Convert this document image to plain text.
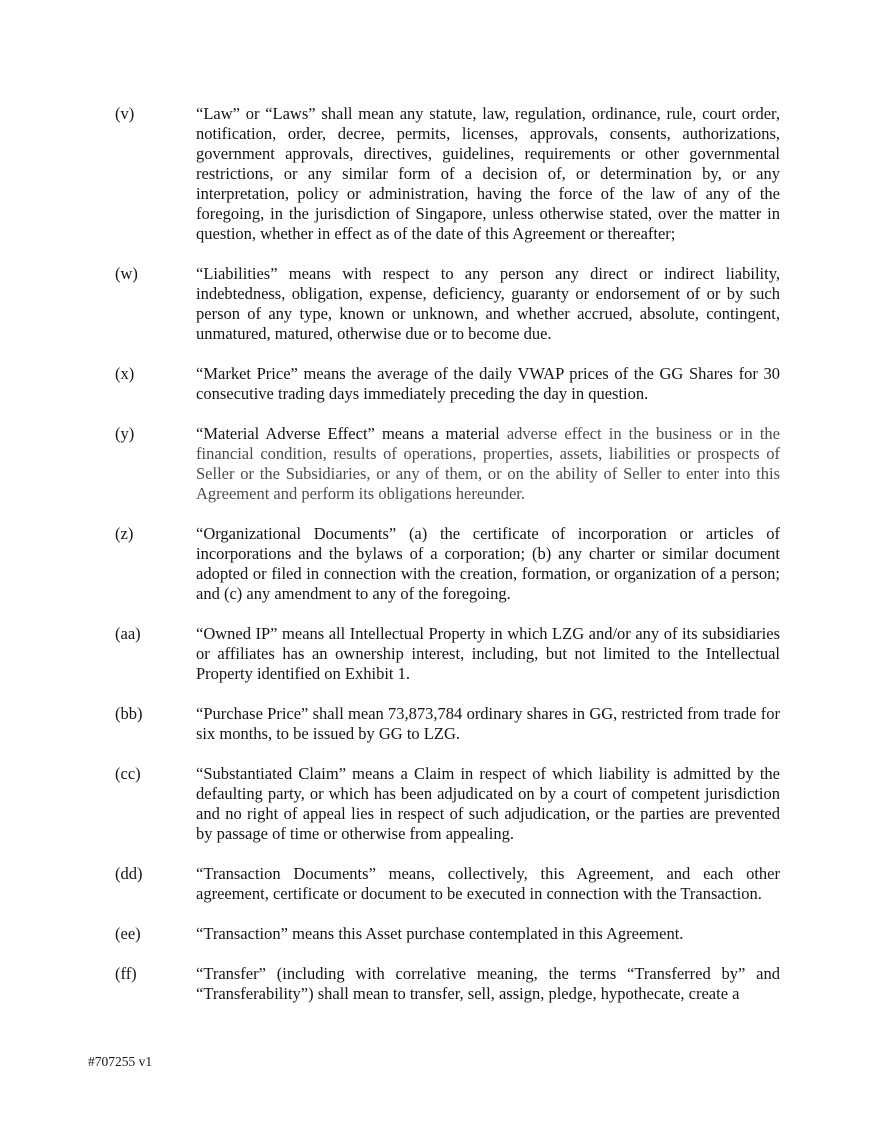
(v)	“Law” or “Laws” shall mean any statute, law, regulation, ordinance, rule, court order, notification, order, decree, permits, licenses, approvals, consents, authorizations, government approvals, directives, guidelines, requirements or other governmental restrictions, or any similar form of a decision of, or determination by, or any interpretation, policy or administration, having the force of the law of any of the foregoing, in the jurisdiction of Singapore, unless otherwise stated, over the matter in question, whether in effect as of the date of this Agreement or thereafter;

(w)	“Liabilities” means with respect to any person any direct or indirect liability, indebtedness, obligation, expense, deficiency, guaranty or endorsement of or by such person of any type, known or unknown, and whether accrued, absolute, contingent, unmatured, matured, otherwise due or to become due.

(x)	“Market Price” means the average of the daily VWAP prices of the GG Shares for 30 consecutive trading days immediately preceding the day in question.

(y)	“Material Adverse Effect” means a material adverse effect in the business or in the financial condition, results of operations, properties, assets, liabilities or prospects of Seller or the Subsidiaries, or any of them, or on the ability of Seller to enter into this Agreement and perform its obligations hereunder.

(z)	“Organizational Documents” (a) the certificate of incorporation or articles of incorporations and the bylaws of a corporation; (b) any charter or similar document adopted or filed in connection with the creation, formation, or organization of a person; and (c) any amendment to any of the foregoing.

(aa)	“Owned IP” means all Intellectual Property in which LZG and/or any of its subsidiaries or affiliates has an ownership interest, including, but not limited to the Intellectual Property identified on Exhibit 1.

(bb)	“Purchase Price” shall mean 73,873,784 ordinary shares in GG, restricted from trade for six months, to be issued by GG to LZG.

(cc)	“Substantiated Claim” means a Claim in respect of which liability is admitted by the defaulting party, or which has been adjudicated on by a court of competent jurisdiction and no right of appeal lies in respect of such adjudication, or the parties are prevented by passage of time or otherwise from appealing.

(dd)	“Transaction Documents” means, collectively, this Agreement, and each other agreement, certificate or document to be executed in connection with the Transaction.

(ee)	“Transaction” means this Asset purchase contemplated in this Agreement.

(ff)	“Transfer” (including with correlative meaning, the terms “Transferred by” and “Transferability”) shall mean to transfer, sell, assign, pledge, hypothecate, create a

#707255 v1
